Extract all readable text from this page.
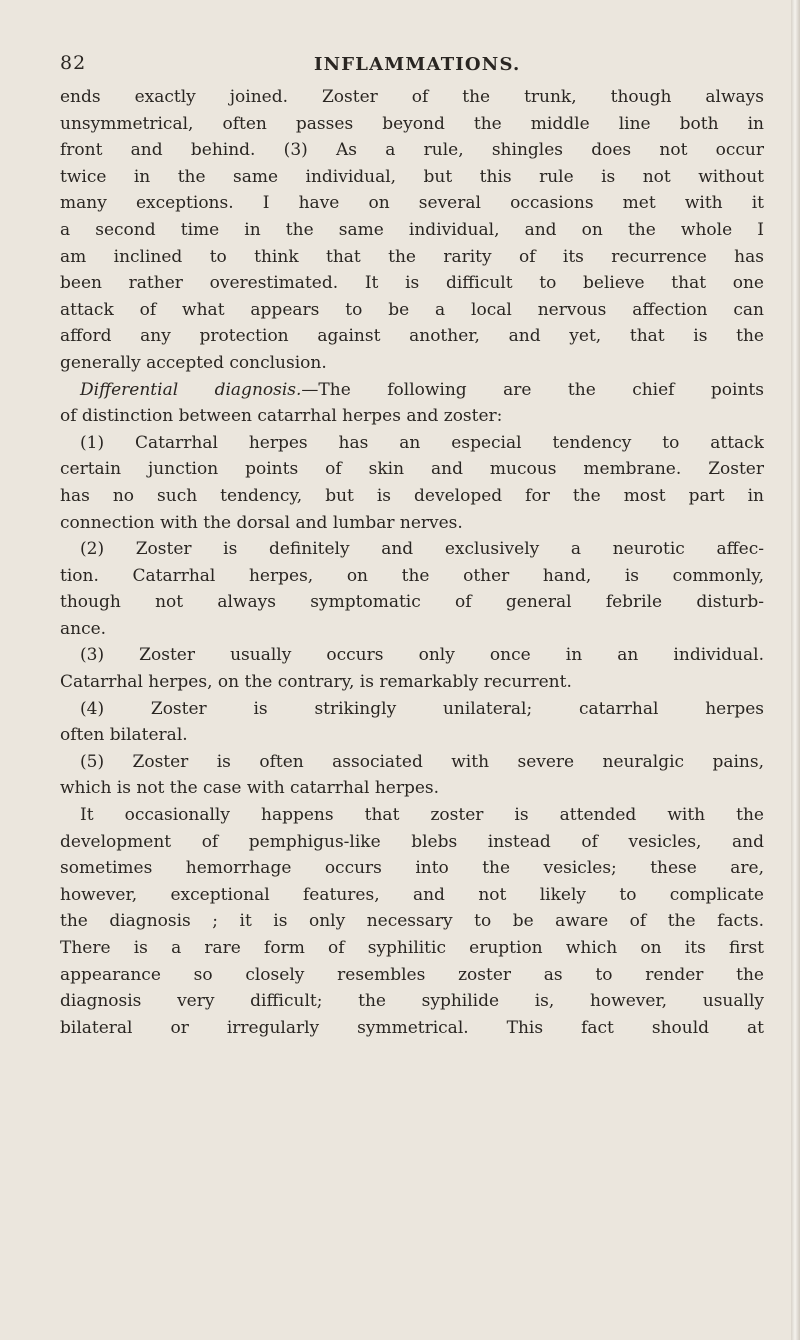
82	INFLAMMATIONS.
ends exactly joined. Zoster of the trunk, though always
unsymmetrical, often passes beyond the middle line both in
front and behind. (3) As a rule, shingles does not occur
twice in the same individual, but this rule is not without
many exceptions. I have on several occasions met with it
a second time in the same individual, and on the whole I
am inclined to think that the rarity of its recurrence has
been rather overestimated. It is difficult to believe that one
attack of what appears to be a local nervous affection can
afford any protection against another, and yet, that is the
generally accepted conclusion.
Differential diagnosis.—The following are the chief points
of distinction between catarrhal herpes and zoster:
(1) Catarrhal herpes has an especial tendency to attack
certain junction points of skin and mucous membrane. Zoster
has no such tendency, but is developed for the most part in
connection with the dorsal and lumbar nerves.
(2) Zoster is definitely and exclusively a neurotic affec-
tion. Catarrhal herpes, on the other hand, is commonly,
though not always symptomatic of general febrile disturb-
ance.
(3) Zoster usually occurs only once in an individual.
Catarrhal herpes, on the contrary, is remarkably recurrent.
(4) Zoster is strikingly unilateral; catarrhal herpes
often bilateral.
(5) Zoster is often associated with severe neuralgic pains,
which is not the case with catarrhal herpes.
It occasionally happens that zoster is attended with the
development of pemphigus-like blebs instead of vesicles, and
sometimes hemorrhage occurs into the vesicles; these are,
however, exceptional features, and not likely to complicate
the diagnosis ; it is only necessary to be aware of the facts.
There is a rare form of syphilitic eruption which on its first
appearance so closely resembles zoster as to render the
diagnosis very difficult; the syphilide is, however, usually
bilateral or irregularly symmetrical. This fact should at
